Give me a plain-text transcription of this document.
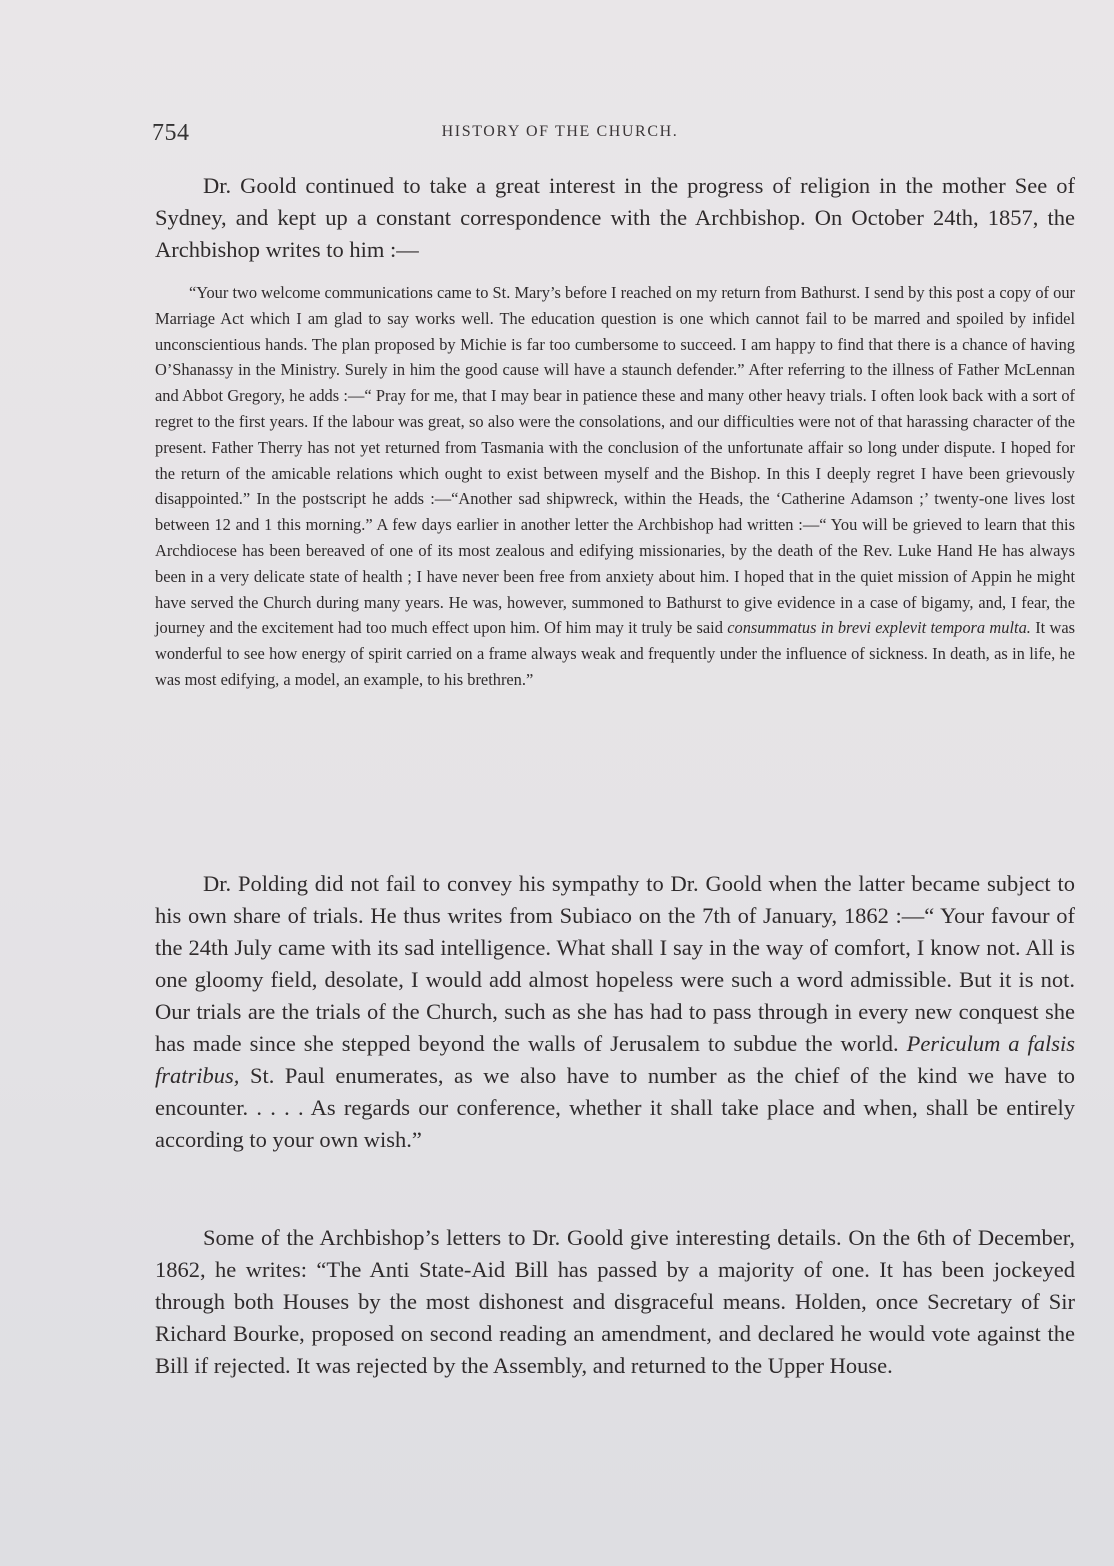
754	HISTORY OF THE CHURCH.

Dr. Goold continued to take a great interest in the progress of religion in the mother See of Sydney, and kept up a constant correspondence with the Archbishop. On October 24th, 1857, the Archbishop writes to him :—

“Your two welcome communications came to St. Mary’s before I reached on my return from Bathurst. I send by this post a copy of our Marriage Act which I am glad to say works well. The education question is one which cannot fail to be marred and spoiled by infidel unconscientious hands. The plan proposed by Michie is far too cumbersome to succeed. I am happy to find that there is a chance of having O’Shanassy in the Ministry. Surely in him the good cause will have a staunch defender.” After referring to the illness of Father McLennan and Abbot Gregory, he adds :—“ Pray for me, that I may bear in patience these and many other heavy trials. I often look back with a sort of regret to the first years. If the labour was great, so also were the consolations, and our difficulties were not of that harassing character of the present. Father Therry has not yet returned from Tasmania with the conclusion of the unfortunate affair so long under dispute. I hoped for the return of the amicable relations which ought to exist between myself and the Bishop. In this I deeply regret I have been grievously disappointed.” In the postscript he adds :—“Another sad shipwreck, within the Heads, the ‘Catherine Adamson ;’ twenty-one lives lost between 12 and 1 this morning.” A few days earlier in another letter the Archbishop had written :—“ You will be grieved to learn that this Archdiocese has been bereaved of one of its most zealous and edifying missionaries, by the death of the Rev. Luke Hand He has always been in a very delicate state of health ; I have never been free from anxiety about him. I hoped that in the quiet mission of Appin he might have served the Church during many years. He was, however, summoned to Bathurst to give evidence in a case of bigamy, and, I fear, the journey and the excitement had too much effect upon him. Of him may it truly be said consummatus in brevi explevit tempora multa. It was wonderful to see how energy of spirit carried on a frame always weak and frequently under the influence of sickness. In death, as in life, he was most edifying, a model, an example, to his brethren.”

Dr. Polding did not fail to convey his sympathy to Dr. Goold when the latter became subject to his own share of trials. He thus writes from Subiaco on the 7th of January, 1862 :—“ Your favour of the 24th July came with its sad intelligence. What shall I say in the way of comfort, I know not. All is one gloomy field, desolate, I would add almost hopeless were such a word admissible. But it is not. Our trials are the trials of the Church, such as she has had to pass through in every new conquest she has made since she stepped beyond the walls of Jerusalem to subdue the world. Periculum a falsis fratribus, St. Paul enumerates, as we also have to number as the chief of the kind we have to encounter. . . . . As regards our conference, whether it shall take place and when, shall be entirely according to your own wish.”

Some of the Archbishop’s letters to Dr. Goold give interesting details. On the 6th of December, 1862, he writes: “The Anti State-Aid Bill has passed by a majority of one. It has been jockeyed through both Houses by the most dishonest and disgraceful means. Holden, once Secretary of Sir Richard Bourke, proposed on second reading an amendment, and declared he would vote against the Bill if rejected. It was rejected by the Assembly, and returned to the Upper House.
